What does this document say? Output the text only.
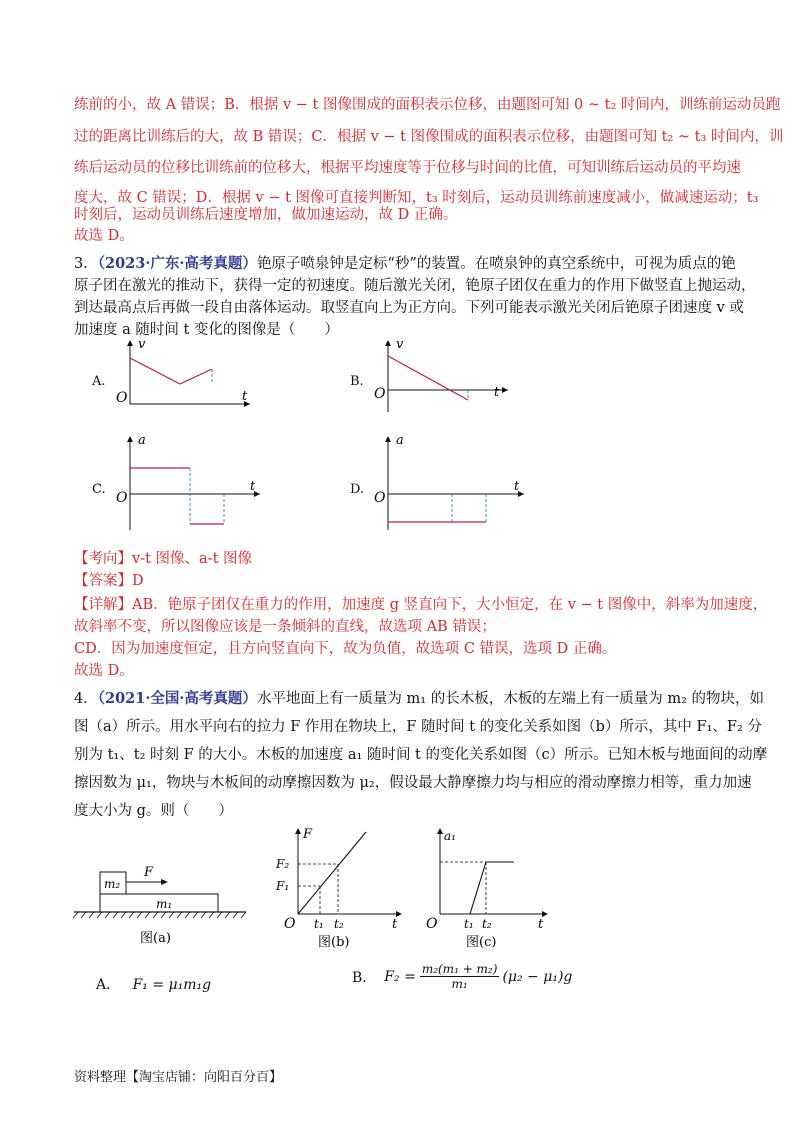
练前的小，故 A 错误；B．根据 v − t 图像围成的面积表示位移，由题图可知 0 ~ t₂ 时间内，训练前运动员跑
过的距离比训练后的大，故 B 错误；C．根据 v − t 图像围成的面积表示位移，由题图可知 t₂ ~ t₃ 时间内，训
练后运动员的位移比训练前的位移大，根据平均速度等于位移与时间的比值，可知训练后运动员的平均速
度大，故 C 错误；D．根据 v − t 图像可直接判断知，t₃ 时刻后，运动员训练前速度减小，做减速运动；t₃
时刻后，运动员训练后速度增加，做加速运动，故 D 正确。
故选 D。
3．（2023·广东·高考真题）铯原子喷泉钟是定标“秒”的装置。在喷泉钟的真空系统中，可视为质点的铯
原子团在激光的推动下，获得一定的初速度。随后激光关闭，铯原子团仅在重力的作用下做竖直上抛运动，
到达最高点后再做一段自由落体运动。取竖直向上为正方向。下列可能表示激光关闭后铯原子团速度 v 或
加速度 a 随时间 t 变化的图像是（　　）
A.
v
O	t
B.
v
O	t
C.
a
O
t	D.
a
O
t
【考向】v-t 图像、a-t 图像
【答案】D
【详解】AB．铯原子团仅在重力的作用，加速度 g 竖直向下，大小恒定，在 v − t 图像中，斜率为加速度，
故斜率不变，所以图像应该是一条倾斜的直线，故选项 AB 错误；
CD．因为加速度恒定，且方向竖直向下，故为负值，故选项 C 错误，选项 D 正确。
故选 D。
4．（2021·全国·高考真题）水平地面上有一质量为 m₁ 的长木板，木板的左端上有一质量为 m₂ 的物块，如
图（a）所示。用水平向右的拉力 F 作用在物块上，F 随时间 t 的变化关系如图（b）所示，其中 F₁、F₂ 分
别为 t₁、t₂ 时刻 F 的大小。木板的加速度 a₁ 随时间 t 的变化关系如图（c）所示。已知木板与地面间的动摩
擦因数为 μ₁，物块与木板间的动摩擦因数为 μ₂，假设最大静摩擦力均与相应的滑动摩擦力相等，重力加速
度大小为 g。则（　　）
m₂
F
m₁
图(a)
F
O
F₂
F₁
t₁ t₂	t
图(b)
a₁
O t₁ t₂	t
图(c)
A． F₁ = μ₁m₁g	B． $F_2 = \frac{\text{m₂(m₁ + m₂)}}{\text{m₁}} (\mu_2 - \mu_1)g$
资料整理【淘宝店铺：向阳百分百】
